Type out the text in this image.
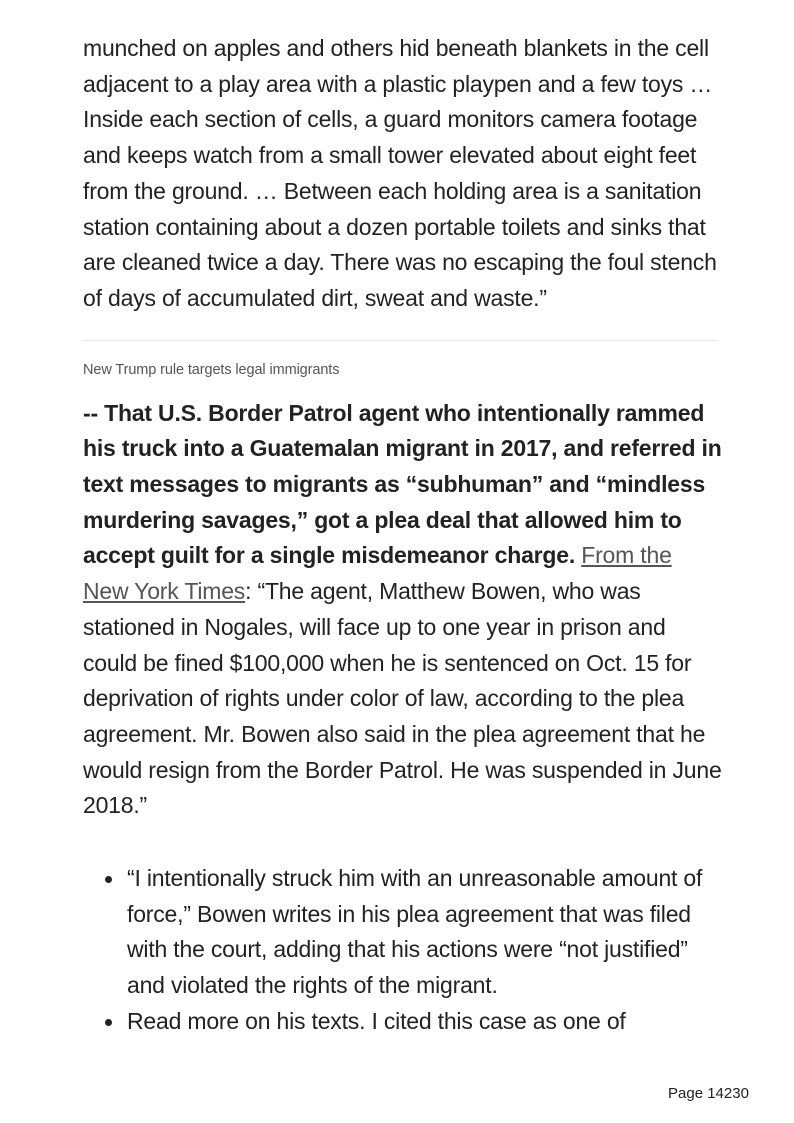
munched on apples and others hid beneath blankets in the cell adjacent to a play area with a plastic playpen and a few toys … Inside each section of cells, a guard monitors camera footage and keeps watch from a small tower elevated about eight feet from the ground. … Between each holding area is a sanitation station containing about a dozen portable toilets and sinks that are cleaned twice a day. There was no escaping the foul stench of days of accumulated dirt, sweat and waste.”

New Trump rule targets legal immigrants

-- That U.S. Border Patrol agent who intentionally rammed his truck into a Guatemalan migrant in 2017, and referred in text messages to migrants as “subhuman” and “mindless murdering savages,” got a plea deal that allowed him to accept guilt for a single misdemeanor charge. From the New York Times: “The agent, Matthew Bowen, who was stationed in Nogales, will face up to one year in prison and could be fined $100,000 when he is sentenced on Oct. 15 for deprivation of rights under color of law, according to the plea agreement. Mr. Bowen also said in the plea agreement that he would resign from the Border Patrol. He was suspended in June 2018.”

“I intentionally struck him with an unreasonable amount of force,” Bowen writes in his plea agreement that was filed with the court, adding that his actions were “not justified” and violated the rights of the migrant.
Read more on his texts. I cited this case as one of
Page 14230
